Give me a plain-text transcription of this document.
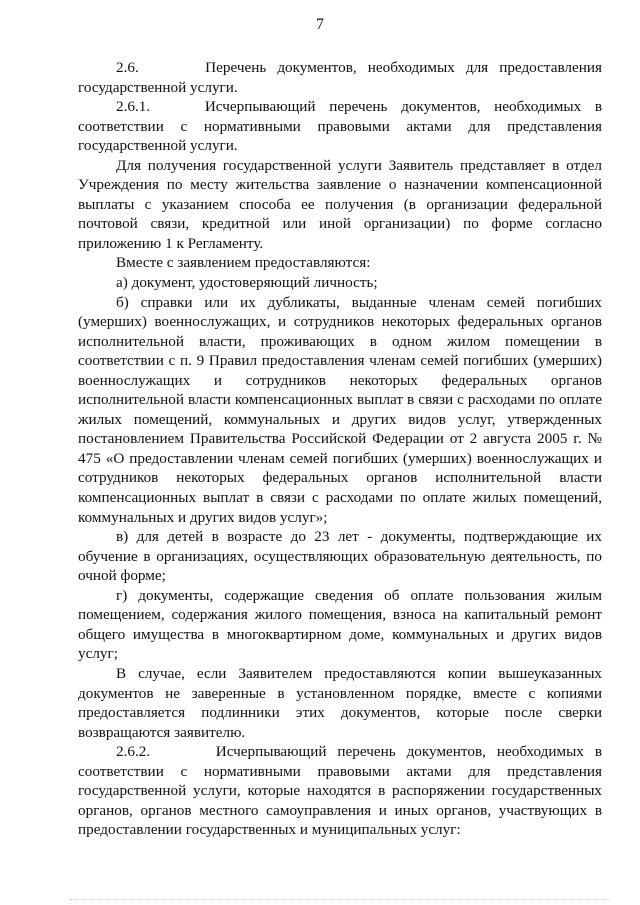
7

2.6.      Перечень документов, необходимых для предоставления государственной услуги.

2.6.1.    Исчерпывающий перечень документов, необходимых в соответствии с нормативными правовыми актами для представления государственной услуги.

Для получения государственной услуги Заявитель представляет в отдел Учреждения по месту жительства заявление о назначении компенсационной выплаты с указанием способа ее получения (в организации федеральной почтовой связи, кредитной или иной организации) по форме согласно приложению 1 к Регламенту.

Вместе с заявлением предоставляются:

а) документ, удостоверяющий личность;

б) справки или их дубликаты, выданные членам семей погибших (умерших) военнослужащих, и сотрудников некоторых федеральных органов исполнительной власти, проживающих в одном жилом помещении в соответствии с п. 9 Правил предоставления членам семей погибших (умерших) военнослужащих и сотрудников некоторых федеральных органов исполнительной власти компенсационных выплат в связи с расходами по оплате жилых помещений, коммунальных и других видов услуг, утвержденных постановлением Правительства Российской Федерации от 2 августа 2005 г. № 475 «О предоставлении членам семей погибших (умерших) военнослужащих и сотрудников некоторых федеральных органов исполнительной власти компенсационных выплат в связи с расходами по оплате жилых помещений, коммунальных и других видов услуг»;

в) для детей в возрасте до 23 лет - документы, подтверждающие их обучение в организациях, осуществляющих образовательную деятельность, по очной форме;

г) документы, содержащие сведения об оплате пользования жилым помещением, содержания жилого помещения, взноса на капитальный ремонт общего имущества в многоквартирном доме, коммунальных и других видов услуг;

В случае, если Заявителем предоставляются копии вышеуказанных документов не заверенные в установленном порядке, вместе с копиями предоставляется подлинники этих документов, которые после сверки возвращаются заявителю.

2.6.2.      Исчерпывающий перечень документов, необходимых в соответствии с нормативными правовыми актами для представления государственной услуги, которые находятся в распоряжении государственных органов, органов местного самоуправления и иных органов, участвующих в предоставлении государственных и муниципальных услуг:
